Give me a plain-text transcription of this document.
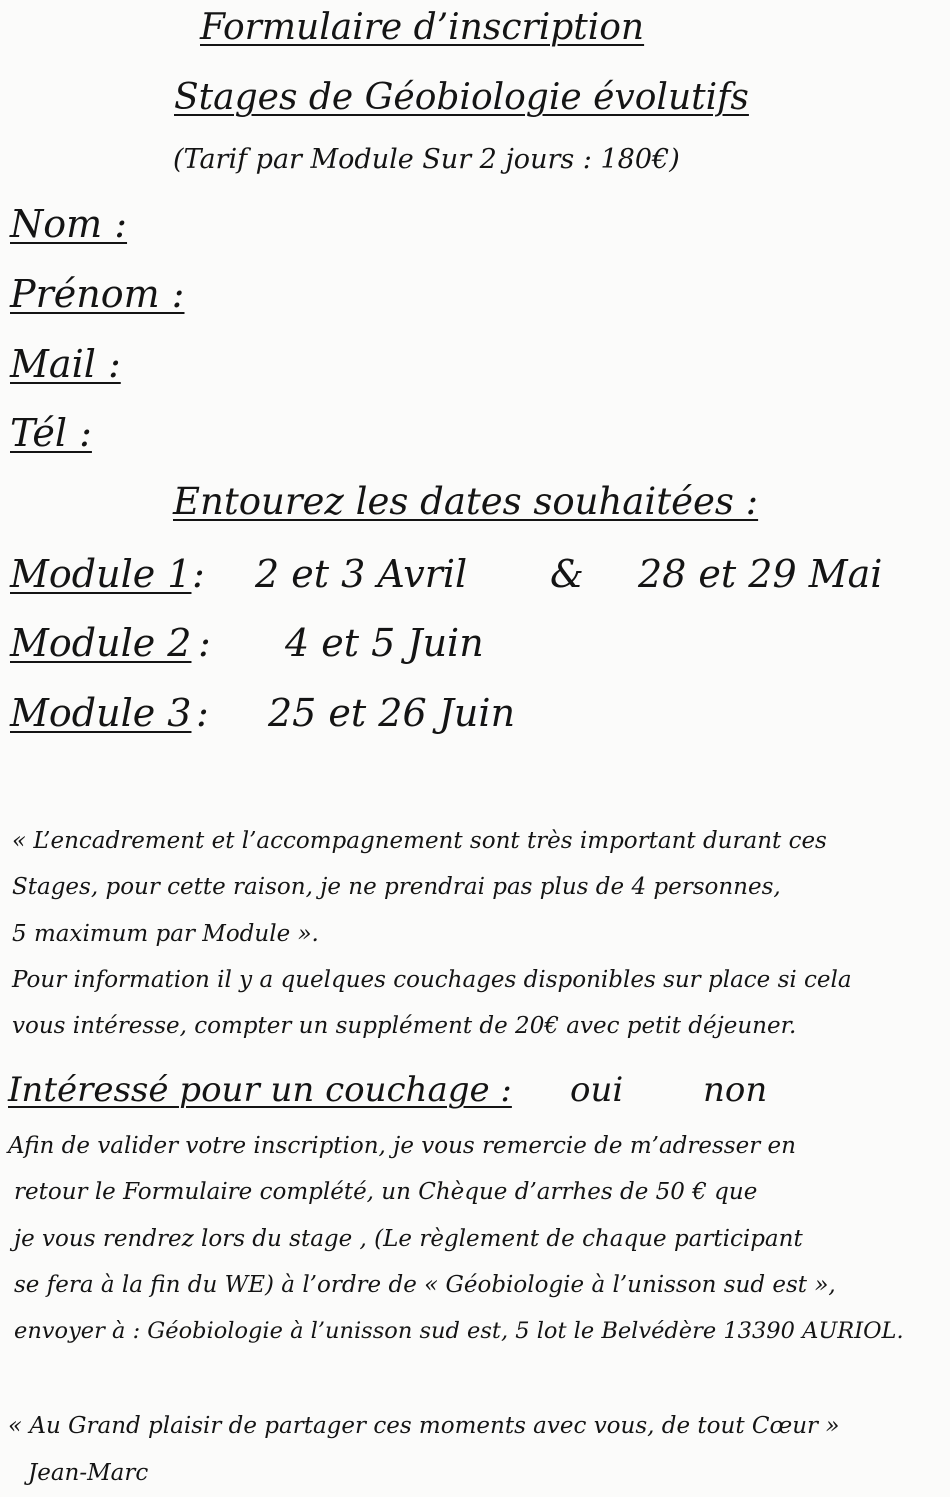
Formulaire d’inscription
Stages de Géobiologie évolutifs
(Tarif par Module Sur 2 jours : 180€)
Nom :
Prénom :
Mail :
Tél :
Entourez les dates souhaitées :
Module 1 : 2 et 3 Avril & 28 et 29 Mai
Module 2 : 4 et 5 Juin
Module 3 : 25 et 26 Juin
« L’encadrement et l’accompagnement sont très important durant ces
Stages, pour cette raison, je ne prendrai pas plus de 4 personnes,
5 maximum par Module ».
Pour information il y a quelques couchages disponibles sur place si cela
vous intéresse, compter un supplément de 20€ avec petit déjeuner.
Intéressé pour un couchage : oui non
Afin de valider votre inscription, je vous remercie de m’adresser en
retour le Formulaire complété, un Chèque d’arrhes de 50 € que
je vous rendrez lors du stage , (Le règlement de chaque participant
se fera à la fin du WE) à l’ordre de « Géobiologie à l’unisson sud est »,
envoyer à : Géobiologie à l’unisson sud est, 5 lot le Belvédère 13390 AURIOL.
« Au Grand plaisir de partager ces moments avec vous, de tout Cœur »
Jean-Marc
